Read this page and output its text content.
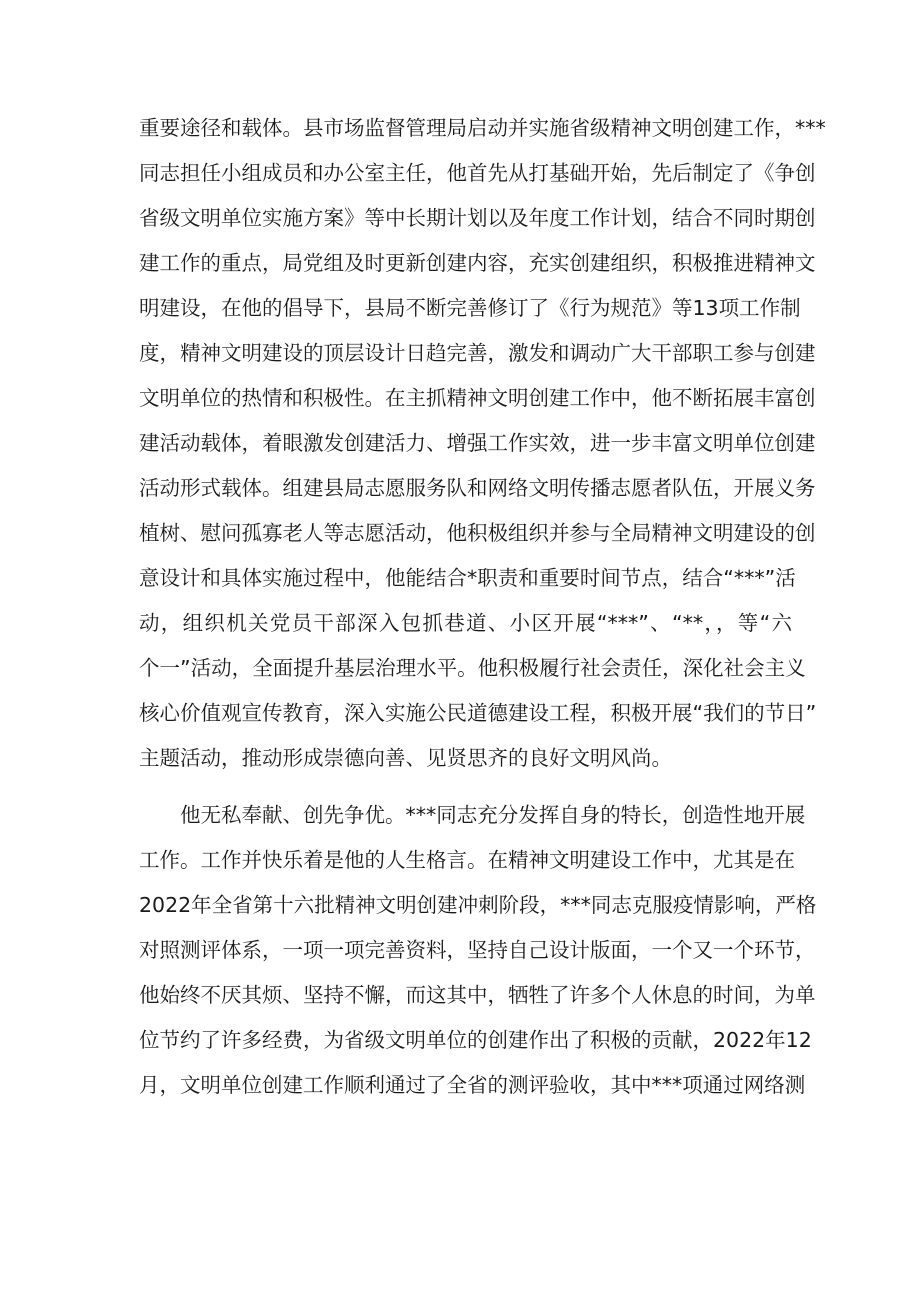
重要途径和载体。县市场监督管理局启动并实施省级精神文明创建工作，***

同志担任小组成员和办公室主任，他首先从打基础开始，先后制定了《争创

省级文明单位实施方案》等中长期计划以及年度工作计划，结合不同时期创

建工作的重点，局党组及时更新创建内容，充实创建组织，积极推进精神文

明建设，在他的倡导下，县局不断完善修订了《行为规范》等13项工作制

度，精神文明建设的顶层设计日趋完善，激发和调动广大干部职工参与创建

文明单位的热情和积极性。在主抓精神文明创建工作中，他不断拓展丰富创

建活动载体，着眼激发创建活力、增强工作实效，进一步丰富文明单位创建

活动形式载体。组建县局志愿服务队和网络文明传播志愿者队伍，开展义务

植树、慰问孤寡老人等志愿活动，他积极组织并参与全局精神文明建设的创

意设计和具体实施过程中，他能结合*职责和重要时间节点，结合“***”活

动，组织机关党员干部深入包抓巷道、小区开展“***”、“**，，等“六

个一”活动，全面提升基层治理水平。他积极履行社会责任，深化社会主义

核心价值观宣传教育，深入实施公民道德建设工程，积极开展“我们的节日”

主题活动，推动形成崇德向善、见贤思齐的良好文明风尚。

他无私奉献、创先争优。***同志充分发挥自身的特长，创造性地开展

工作。工作并快乐着是他的人生格言。在精神文明建设工作中，尤其是在

2022年全省第十六批精神文明创建冲刺阶段，***同志克服疫情影响，严格

对照测评体系，一项一项完善资料，坚持自己设计版面，一个又一个环节，

他始终不厌其烦、坚持不懈，而这其中，牺牲了许多个人休息的时间，为单

位节约了许多经费，为省级文明单位的创建作出了积极的贡献，2022年12

月，文明单位创建工作顺利通过了全省的测评验收，其中***项通过网络测
